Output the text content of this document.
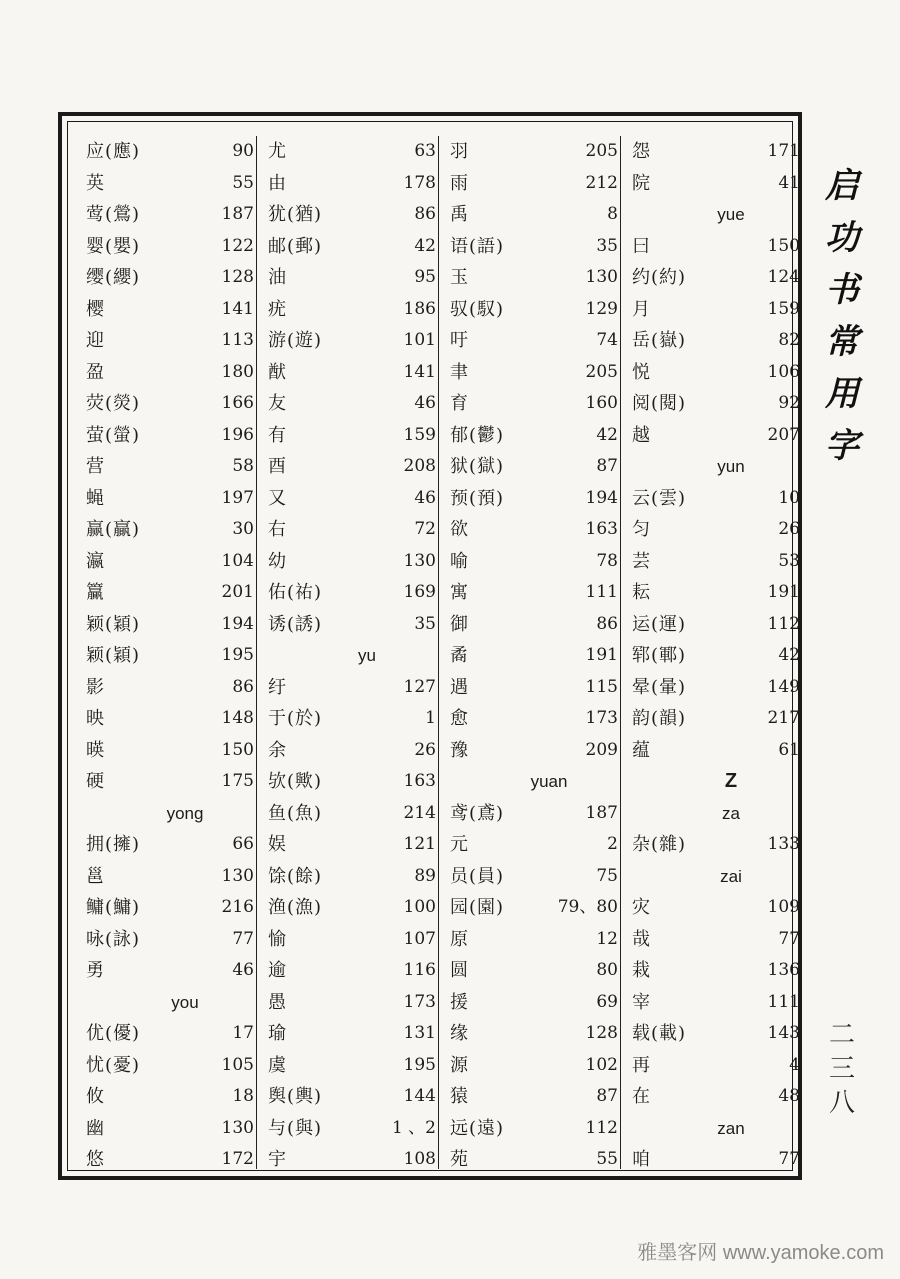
应(應)	90
英	55
莺(鶯)	187
婴(嬰)	122
缨(纓)	128
樱	141
迎	113
盈	180
荧(熒)	166
萤(螢)	196
营	58
蝇	197
赢(贏)	30
瀛	104
籯	201
颖(穎)	194
颖(穎)	195
影	86
映	148
暎	150
硬	175
yong
拥(擁)	66
邕	130
鳙(鱅)	216
咏(詠)	77
勇	46
you
优(優)	17
忧(憂)	105
攸	18
幽	130
悠	172
尤	63
由	178
犹(猶)	86
邮(郵)	42
油	95
疣	186
游(遊)	101
猷	141
友	46
有	159
酉	208
又	46
右	72
幼	130
佑(祐)	169
诱(誘)	35
yu
纡	127
于(於)	1
余	26
欤(歟)	163
鱼(魚)	214
娱	121
馀(餘)	89
渔(漁)	100
愉	107
逾	116
愚	173
瑜	131
虞	195
舆(輿)	144
与(與)	1 、2
宇	108
羽	205
雨	212
禹	8
语(語)	35
玉	130
驭(馭)	129
吁	74
聿	205
育	160
郁(鬱)	42
狱(獄)	87
预(預)	194
欲	163
喻	78
寓	111
御	86
矞	191
遇	115
愈	173
豫	209
yuan
鸢(鳶)	187
元	2
员(員)	75
园(園)	79、80
原	12
圆	80
援	69
缘	128
源	102
猿	87
远(遠)	112
苑	55
怨	171
院	41
yue
曰	150
约(約)	124
月	159
岳(嶽)	82
悦	106
阅(閱)	92
越	207
yun
云(雲)	10
匀	26
芸	53
耘	191
运(運)	112
郓(鄆)	42
晕(暈)	149
韵(韻)	217
蕴	61
Z
za
杂(雜)	133
zai
灾	109
哉	77
栽	136
宰	111
载(載)	143
再	4
在	48
zan
咱	77
启
功
书
常
用
字
二
三
八
雅墨客网 www.yamoke.com
